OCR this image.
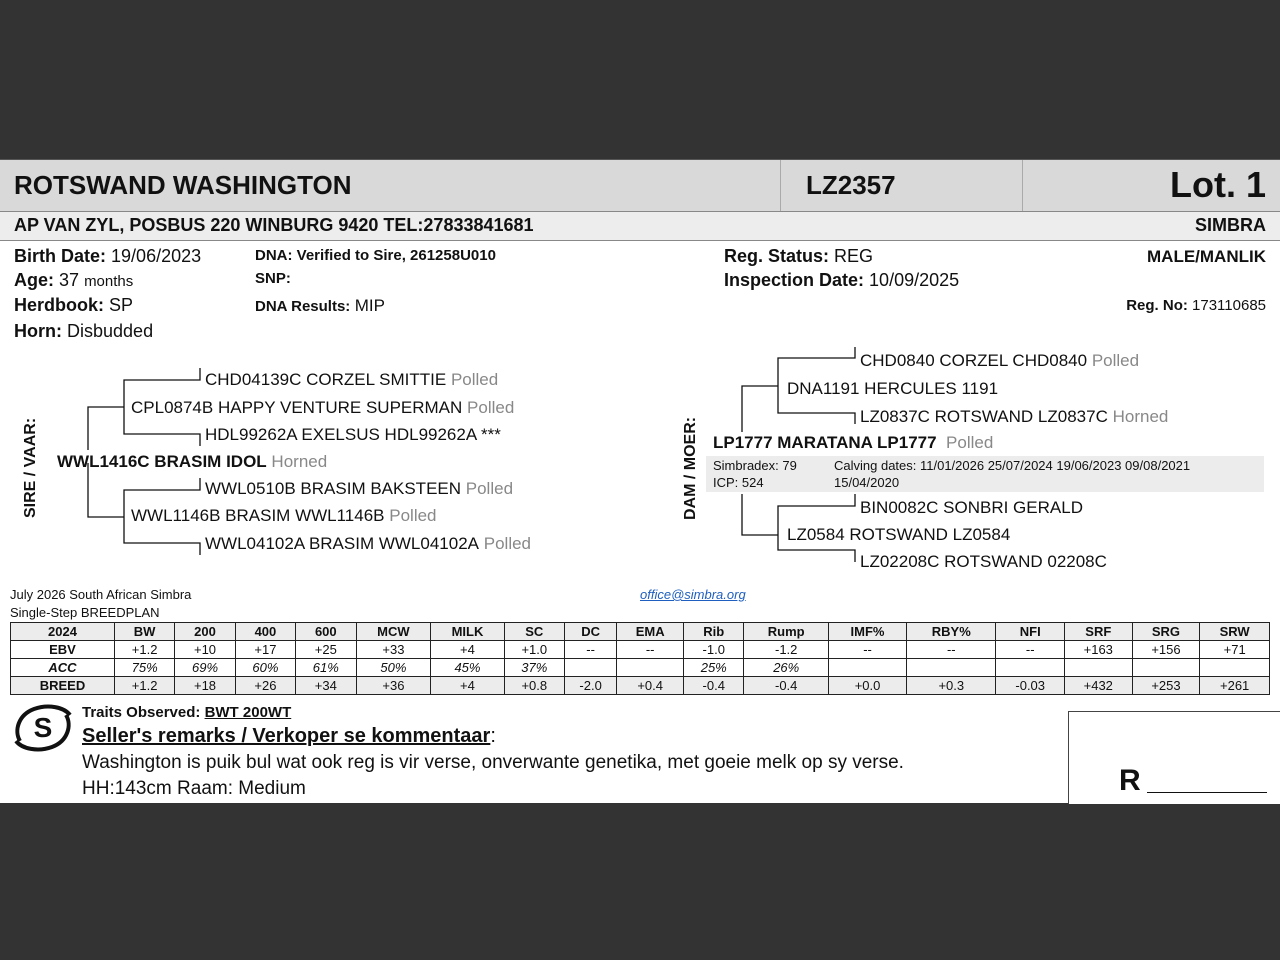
ROTSWAND WASHINGTON	LZ2357	Lot. 1
AP VAN ZYL, POSBUS 220 WINBURG 9420 TEL:27833841681	SIMBRA
Birth Date: 19/06/2023
Age: 37 months
Herdbook: SP
Horn: Disbudded
DNA: Verified to Sire, 261258U010
SNP:
DNA Results: MIP
Reg. Status: REG
Inspection Date: 10/09/2025
MALE/MANLIK
Reg. No: 173110685
SIRE / VAAR:
CHD04139C CORZEL SMITTIE Polled
CPL0874B HAPPY VENTURE SUPERMAN Polled
HDL99262A EXELSUS HDL99262A ***
WWL1416C BRASIM IDOL Horned
WWL0510B BRASIM BAKSTEEN Polled
WWL1146B BRASIM WWL1146B Polled
WWL04102A BRASIM WWL04102A Polled
DAM / MOER:
CHD0840 CORZEL CHD0840 Polled
DNA1191 HERCULES 1191
LZ0837C ROTSWAND LZ0837C Horned
LP1777 MARATANA LP1777 Polled
Simbradex: 79
ICP: 524
Calving dates: 11/01/2026 25/07/2024 19/06/2023 09/08/2021
15/04/2020
BIN0082C SONBRI GERALD
LZ0584 ROTSWAND LZ0584
LZ02208C ROTSWAND 02208C
July 2026 South African Simbra
Single-Step BREEDPLAN
office@simbra.org
2024	BW	200	400	600	MCW	MILK	SC	DC	EMA	Rib	Rump	IMF%	RBY%	NFI	SRF	SRG	SRW
EBV	+1.2	+10	+17	+25	+33	+4	+1.0	--	--	-1.0	-1.2	--	--	--	+163	+156	+71
ACC	75%	69%	60%	61%	50%	45%	37%			25%	26%						
BREED	+1.2	+18	+26	+34	+36	+4	+0.8	-2.0	+0.4	-0.4	-0.4	+0.0	+0.3	-0.03	+432	+253	+261
S Traits Observed: BWT 200WT
Seller's remarks / Verkoper se kommentaar:
Washington is puik bul wat ook reg is vir verse, onverwante genetika, met goeie melk op sy verse.
HH:143cm Raam: Medium	R
